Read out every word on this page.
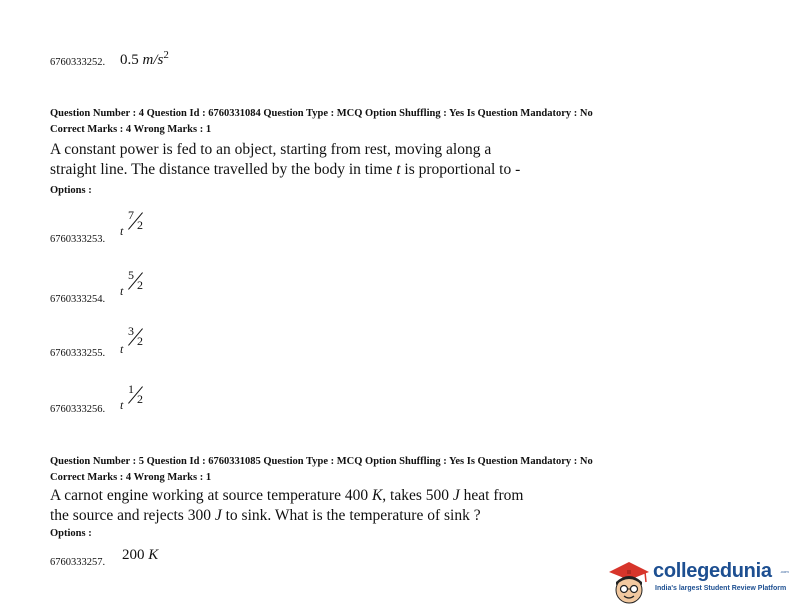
6760333252. 0.5 $m/s^2$
Question Number : 4 Question Id : 6760331084 Question Type : MCQ Option Shuffling : Yes Is Question Mandatory : No
Correct Marks : 4 Wrong Marks : 1
A constant power is fed to an object, starting from rest, moving along a
straight line. The distance travelled by the body in time t is proportional to -
Options :
6760333253.
t
7
2
6760333254.
t
5
2
6760333255. t
3
2
6760333256. t
1
2
Question Number : 5 Question Id : 6760331085 Question Type : MCQ Option Shuffling : Yes Is Question Mandatory : No
Correct Marks : 4 Wrong Marks : 1
A carnot engine working at source temperature 400 K, takes 500 J heat from
the source and rejects 300 J to sink. What is the temperature of sink ?
Options :
6760333257. 200 K
collegedunia .com
India's largest Student Review Platform
